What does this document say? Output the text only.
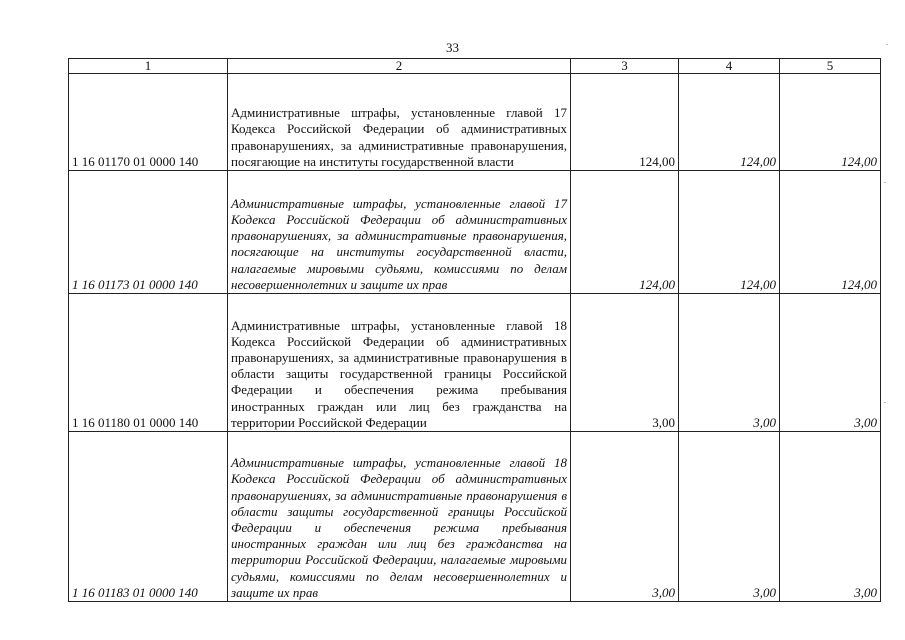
33
1	2	3	4	5
1 16 01170 01 0000 140	Административные штрафы, установленные главой 17 Кодекса Российской Федерации об административных правонарушениях, за административные правонарушения, посягающие на институты государственной власти	124,00	124,00	124,00
1 16 01173 01 0000 140	Административные штрафы, установленные главой 17 Кодекса Российской Федерации об административных правонарушениях, за административные правонарушения, посягающие на институты государственной власти, налагаемые мировыми судьями, комиссиями по делам несовершеннолетних и защите их прав	124,00	124,00	124,00
1 16 01180 01 0000 140	Административные штрафы, установленные главой 18 Кодекса Российской Федерации об административных правонарушениях, за административные правонарушения в области защиты государственной границы Российской Федерации и обеспечения режима пребывания иностранных граждан или лиц без гражданства на территории Российской Федерации	3,00	3,00	3,00
1 16 01183 01 0000 140	Административные штрафы, установленные главой 18 Кодекса Российской Федерации об административных правонарушениях, за административные правонарушения в области защиты государственной границы Российской Федерации и обеспечения режима пребывания иностранных граждан или лиц без гражданства на территории Российской Федерации, налагаемые мировыми судьями, комиссиями по делам несовершеннолетних и защите их прав	3,00	3,00	3,00
